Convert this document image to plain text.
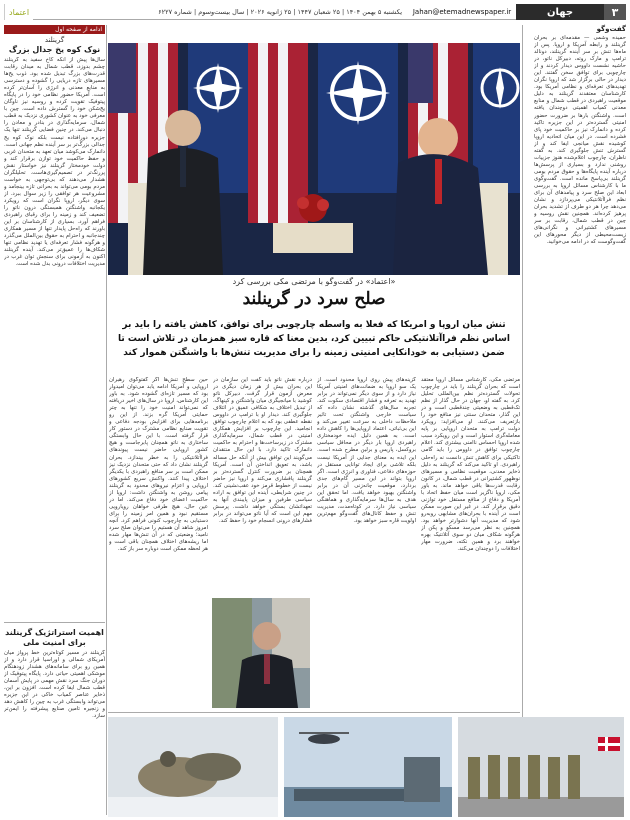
۳
جهان
Jahan@etemadnewspaper.ir
یکشنبه ۵ بهمن ۱۴۰۴ | ۲۵ شعبان ۱۴۴۷ | ۲۵ ژانویه ۲۰۲۶ | سال بیست‌وسوم | شماره ۶۲۲۷
اعتماد
گفت‌وگو
حمیده وشمی — مقدمه‌ای بر بحران گرینلند و رابطه آمریکا و اروپا. پس از ماه‌ها تنش بر سر آینده گرینلند، دونالد ترامپ و مارک روته، دبیرکل ناتو، در حاشیه نشست داووس دیدار کردند و از چارچوبی برای توافق سخن گفتند. این دیدار در حالی برگزار شد که اروپا نگران تهدیدهای تعرفه‌ای و نظامی آمریکا بود. کارشناسان معتقدند گرینلند به دلیل موقعیت راهبردی در قطب شمال و منابع معدنی کمیاب اهمیتی دوچندان یافته است. واشنگتن بارها بر ضرورت حضور امنیتی گسترده‌تر در این جزیره تاکید کرده و دانمارک نیز بر حاکمیت خود پای فشرده است. در این میان اتحادیه اروپا کوشیده نقش میانجی ایفا کند و از گسترش تنش جلوگیری کند. به گفته ناظران، چارچوب اعلام‌شده هنوز جزییات روشنی ندارد و بسیاری از پرسش‌ها درباره آینده پایگاه‌ها و حقوق مردم بومی گرینلند بی‌پاسخ مانده است. گفت‌وگوی ما با کارشناس مسائل اروپا به بررسی ابعاد این صلح سرد و پیامدهای آن برای نظم فراآتلانتیکی می‌پردازد و نشان می‌دهد چرا هر دو طرف از تشدید بحران پرهیز کرده‌اند. همچنین نقش روسیه و چین در قطب شمال، رقابت بر سر مسیرهای کشتیرانی و نگرانی‌های زیست‌محیطی از دیگر محورهای این گفت‌وگوست که در ادامه می‌خوانید.
ادامه از صفحه اول
گرینلند
نوک کوه یخ جدال بزرگ
سال‌ها پیش از آنکه کاخ سفید به گرینلند چشم بدوزد، قطب شمال به میدان رقابت قدرت‌های بزرگ تبدیل شده بود. ذوب یخ‌ها مسیرهای تازه دریایی را گشوده و دسترسی به منابع معدنی و انرژی را آسان‌تر کرده است. آمریکا حضور نظامی خود را در پایگاه پیتوفیک تقویت کرده و روسیه نیز ناوگان یخ‌شکن خود را گسترش داده است. چین با معرفی خود به عنوان کشوری نزدیک به قطب شمال، سرمایه‌گذاری در بنادر و معادن را دنبال می‌کند. در چنین فضایی گرینلند تنها یک جزیره دورافتاده نیست بلکه نوک کوه یخ جدالی بزرگ‌تر بر سر آینده نظم جهانی است. دانمارک می‌کوشد میان تعهد به متحدان غربی و حفظ حاکمیت خود توازن برقرار کند و دولت خودمختار گرینلند نیز خواستار نقش پررنگ‌تر در تصمیم‌گیری‌هاست. تحلیلگران هشدار می‌دهند که بی‌توجهی به خواست مردم بومی می‌تواند به بحرانی تازه بینجامد و مشروعیت هر توافقی را زیر سوال ببرد. از سوی دیگر، اروپا نگران است که رویکرد یکجانبه واشنگتن همبستگی درون ناتو را تضعیف کند و زمینه را برای رقبای راهبردی فراهم آورد. بسیاری از کارشناسان بر این باورند که راه‌حل پایدار تنها از مسیر همکاری چندجانبه و احترام به حقوق بین‌الملل می‌گذرد و هرگونه فشار تعرفه‌ای یا تهدید نظامی تنها شکاف‌ها را عمیق‌تر می‌کند. آینده گرینلند اکنون به آزمونی برای سنجش توان غرب در مدیریت اختلافات درونی بدل شده است.
اهمیت استراتژیک گرینلند برای امنیت ملی
گرینلند در مسیر کوتاه‌ترین خط پرواز میان آمریکای شمالی و اوراسیا قرار دارد و از همین رو برای سامانه‌های هشدار زودهنگام موشکی اهمیتی حیاتی دارد. پایگاه پیتوفیک از دوران جنگ سرد نقش مهمی در پایش آسمان قطب شمال ایفا کرده است. افزون بر این، ذخایر عناصر کمیاب خاکی در این جزیره می‌تواند وابستگی غرب به چین را کاهش دهد و زنجیره تامین صنایع پیشرفته را ایمن‌تر سازد.
«اعتماد» در گفت‌وگو با مرتضی مکی بررسی کرد
صلح سرد در گرینلند
تنش میان اروپا و امریکا که فعلا به واسطه چارچوبی برای توافق، کاهش یافته را باید بر اساس نظم فراآتلانتیکی حاکم تبیین کرد، بدین معنا که قاره سبز همزمان در تلاش است تا ضمن دستیابی به خودانکایی امنیتی زمینه را برای مدیریت تنش‌ها با واشنگتن هموار کند
مرتضی مکی، کارشناس مسائل اروپا معتقد است که بحران گرینلند را باید در چارچوب تحولات گسترده‌تر نظم بین‌المللی تحلیل کرد. به گفته او، جهان در حال گذار از نظم تک‌قطبی به وضعیتی چندقطبی است و در این گذار، متحدان سنتی نیز منافع خود را بازتعریف می‌کنند. او می‌افزاید: رویکرد دولت ترامپ به متحدان اروپایی بر پایه معامله‌گری استوار است و این رویکرد سبب شده اروپا احساس ناامنی بیشتری کند. اعلام چارچوب توافق در داووس را باید گامی تاکتیکی برای کاهش تنش دانست نه راه‌حلی راهبردی. او تاکید می‌کند که گرینلند به دلیل ذخایر معدنی، موقعیت نظامی و مسیرهای نوظهور کشتیرانی در قطب شمال، در کانون رقابت قدرت‌ها باقی خواهد ماند. به باور مکی، اروپا ناگزیر است میان حفظ اتحاد با آمریکا و دفاع از منافع مستقل خود توازنی دقیق برقرار کند. در غیر این صورت ممکن است در آینده با بحران‌های مشابهی روبه‌رو شود که مدیریت آنها دشوارتر خواهد بود. همچنین به نظر می‌رسد مسکو و پکن از هرگونه شکاف میان دو سوی آتلانتیک بهره خواهند برد و همین نکته، ضرورت مهار اختلافات را دوچندان می‌کند.
گزینه‌های پیش روی اروپا محدود است. از یک سو اروپا به ضمانت‌های امنیتی آمریکا نیاز دارد و از سوی دیگر نمی‌تواند در برابر تهدید به تعرفه و فشار اقتصادی سکوت کند. تجربه سال‌های گذشته نشان داده که سیاست خارجی واشنگتن تحت تاثیر ملاحظات داخلی به سرعت تغییر می‌کند و این بی‌ثباتی، اعتماد اروپایی‌ها را کاهش داده است. به همین دلیل ایده خودمختاری راهبردی اروپا بار دیگر در محافل سیاسی بروکسل، پاریس و برلین مطرح شده است. این ایده به معنای جدایی از آمریکا نیست بلکه تلاشی برای ایجاد توانایی مستقل در حوزه‌های دفاعی، فناوری و انرژی است. اگر اروپا بتواند در این مسیر گام‌های جدی بردارد، موقعیت چانه‌زنی آن در برابر واشنگتن بهبود خواهد یافت. اما تحقق این هدف به سال‌ها سرمایه‌گذاری و هماهنگی سیاسی نیاز دارد. در کوتاه‌مدت، مدیریت تنش و حفظ کانال‌های گفت‌وگو مهم‌ترین اولویت قاره سبز خواهد بود.
درباره نقش ناتو باید گفت این سازمان در این بحران بیش از هر زمان دیگری در معرض آزمون قرار گرفت. دبیرکل ناتو کوشید با میانجیگری میان واشنگتن و کپنهاگ، از تبدیل اختلاف به شکافی عمیق در ائتلاف جلوگیری کند. دیدار او با ترامپ در داووس نقطه عطفی بود که به اعلام چارچوب توافق انجامید. این چارچوب بر افزایش همکاری امنیتی در قطب شمال، سرمایه‌گذاری مشترک در زیرساخت‌ها و احترام به حاکمیت دانمارک تاکید دارد. با این حال منتقدان می‌گویند این توافق بیش از آنکه حل مساله باشد، به تعویق انداختن آن است. آمریکا همچنان بر ضرورت کنترل گسترده‌تر بر گرینلند پافشاری می‌کند و اروپا نیز حاضر نیست از خطوط قرمز خود عقب‌نشینی کند. در چنین شرایطی، آینده این توافق به اراده سیاسی طرفین و میزان پایبندی آنها به تعهداتشان بستگی خواهد داشت. پرسش مهم این است که آیا ناتو می‌تواند در برابر فشارهای درونی انسجام خود را حفظ کند.
حین سطح تنش‌ها اگر گفتوگوی رهبران اروپایی و آمریکا ادامه یابد می‌توان امیدوار بود که مسیر تازه‌ای گشوده شود. به باور این کارشناس، اروپا در سال‌های اخیر دریافته که نمی‌تواند امنیت خود را تنها به چتر حمایتی آمریکا گره بزند. از این رو برنامه‌هایی برای افزایش بودجه دفاعی و تقویت صنایع نظامی مشترک در دستور کار قرار گرفته است. با این حال وابستگی ساختاری به ناتو همچنان پابرجاست و هیچ کشور اروپایی حاضر نیست پیوندهای فراآتلانتیکی را به خطر بیندازد. بحران گرینلند نشان داد که حتی متحدان نزدیک نیز ممکن است بر سر منافع راهبردی با یکدیگر اختلاف پیدا کنند. واکنش سریع کشورهای اروپایی و اعزام نیروهای محدود به گرینلند پیامی روشن به واشنگتن داشت: اروپا از حاکمیت اعضای خود دفاع می‌کند. اما در عین حال، هیچ طرفی خواهان رویارویی مستقیم نبود و همین امر زمینه را برای دستیابی به چارچوب کنونی فراهم کرد. آنچه امروز شاهد آن هستیم را می‌توان صلح سرد نامید؛ وضعیتی که در آن تنش‌ها مهار شده اما ریشه‌های اختلاف همچنان باقی است و هر لحظه ممکن است دوباره سر باز کند.
